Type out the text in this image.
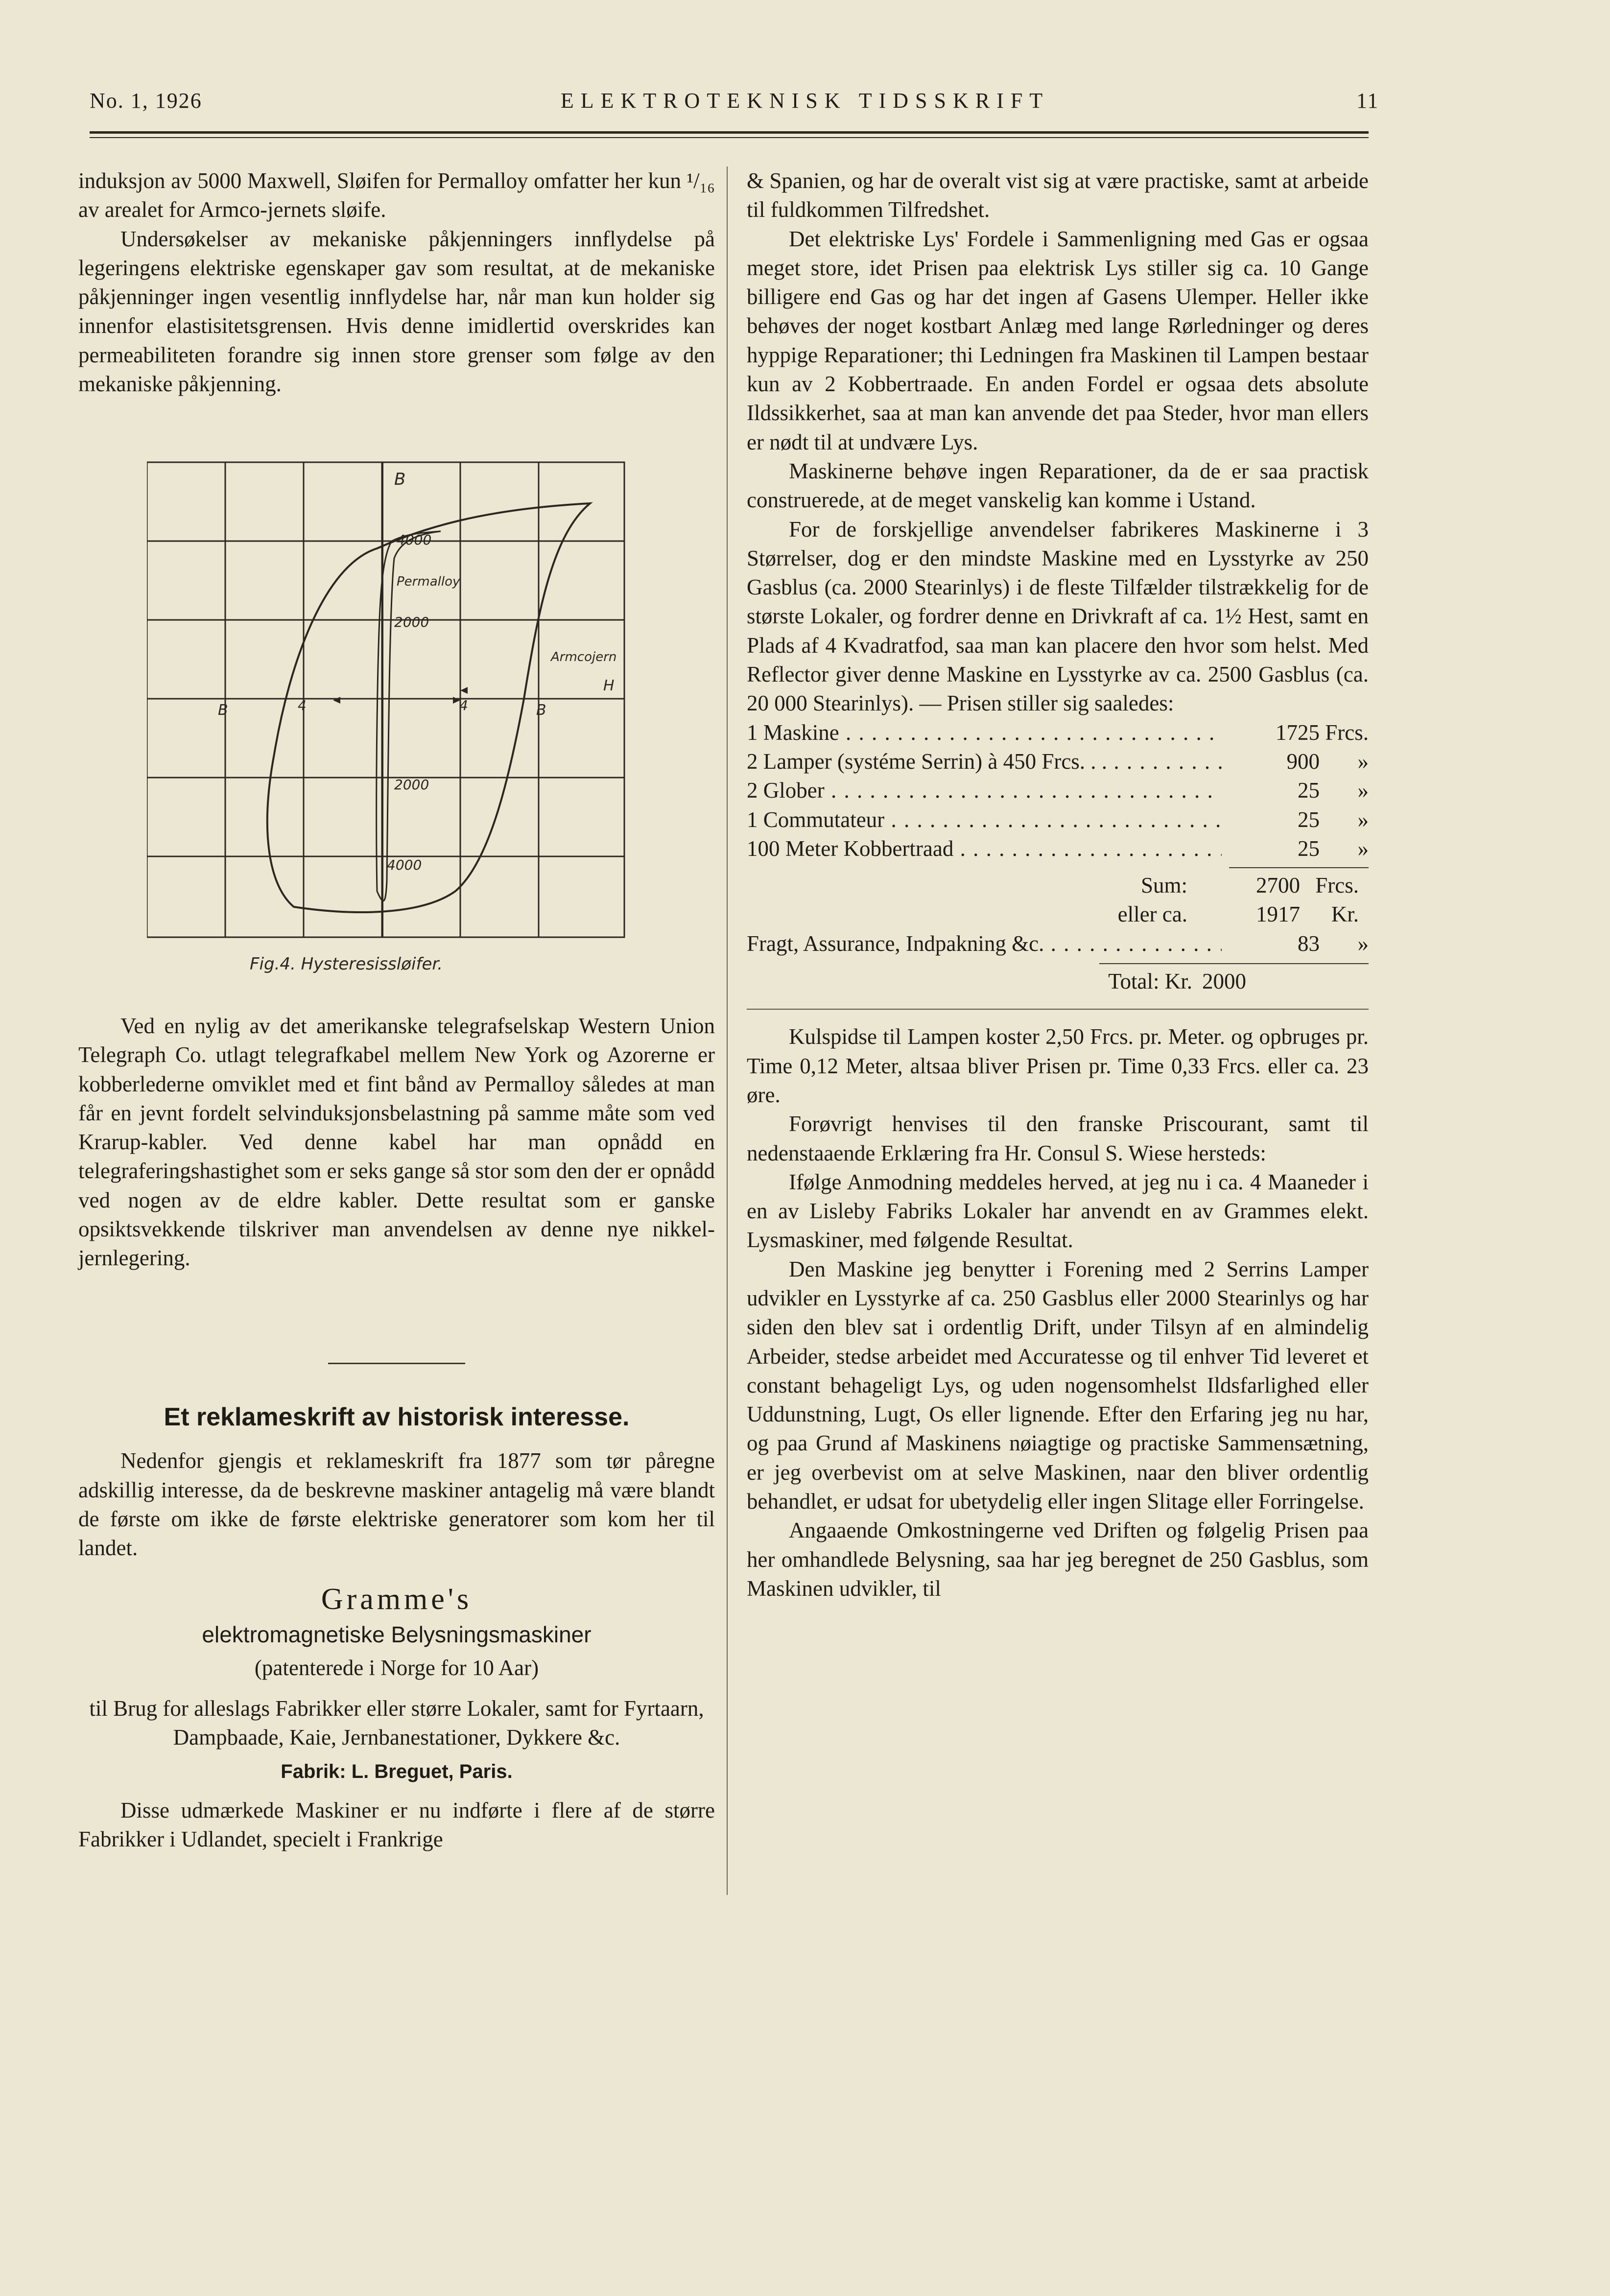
No. 1, 1926	ELEKTROTEKNISK TIDSSKRIFT	11

induksjon av 5000 Maxwell, Sløifen for Permalloy omfatter her kun ¹/₁₆ av arealet for Armco-jernets sløife.

Undersøkelser av mekaniske påkjenningers innflydelse på legeringens elektriske egenskaper gav som resultat, at de mekaniske påkjenninger ingen vesentlig innflydelse har, når man kun holder sig innenfor elastisitetsgrensen. Hvis denne imidlertid overskrides kan permeabiliteten forandre sig innen store grenser som følge av den mekaniske påkjenning.

B
4000
Permalloy
2000
Armcojern
H
B	4	4	B
2000
4000
Fig.4. Hysteresissløifer.

Ved en nylig av det amerikanske telegrafselskap Western Union Telegraph Co. utlagt telegrafkabel mellem New York og Azorerne er kobberlederne omviklet med et fint bånd av Permalloy således at man får en jevnt fordelt selvinduksjonsbelastning på samme måte som ved Krarup-kabler. Ved denne kabel har man opnådd en telegraferingshastighet som er seks gange så stor som den der er opnådd ved nogen av de eldre kabler. Dette resultat som er ganske opsiktsvekkende tilskriver man anvendelsen av denne nye nikkel-jernlegering.

Et reklameskrift av historisk interesse.

Nedenfor gjengis et reklameskrift fra 1877 som tør påregne adskillig interesse, da de beskrevne maskiner antagelig må være blandt de første om ikke de første elektriske generatorer som kom her til landet.

Gramme's

elektromagnetiske Belysningsmaskiner

(patenterede i Norge for 10 Aar)

til Brug for alleslags Fabrikker eller større Lokaler, samt for Fyrtaarn, Dampbaade, Kaie, Jernbanestationer, Dykkere &c.

Fabrik: L. Breguet, Paris.

Disse udmærkede Maskiner er nu indførte i flere af de større Fabrikker i Udlandet, specielt i Frankrige

& Spanien, og har de overalt vist sig at være practiske, samt at arbeide til fuldkommen Tilfredshet.

Det elektriske Lys' Fordele i Sammenligning med Gas er ogsaa meget store, idet Prisen paa elektrisk Lys stiller sig ca. 10 Gange billigere end Gas og har det ingen af Gasens Ulemper. Heller ikke behøves der noget kostbart Anlæg med lange Rørledninger og deres hyppige Reparationer; thi Ledningen fra Maskinen til Lampen bestaar kun av 2 Kobbertraade. En anden Fordel er ogsaa dets absolute Ildssikkerhet, saa at man kan anvende det paa Steder, hvor man ellers er nødt til at undvære Lys.

Maskinerne behøve ingen Reparationer, da de er saa practisk construerede, at de meget vanskelig kan komme i Ustand.

For de forskjellige anvendelser fabrikeres Maskinerne i 3 Størrelser, dog er den mindste Maskine med en Lysstyrke av 250 Gasblus (ca. 2000 Stearinlys) i de fleste Tilfælder tilstrækkelig for de største Lokaler, og fordrer denne en Drivkraft af ca. 1½ Hest, samt en Plads af 4 Kvadratfod, saa man kan placere den hvor som helst. Med Reflector giver denne Maskine en Lysstyrke av ca. 2500 Gasblus (ca. 20 000 Stearinlys). — Prisen stiller sig saaledes:

1 Maskine . . .	1725 Frcs.
2 Lamper (systéme Serrin) à 450 Frcs. . . . . .	900	»
2 Glober . . .	25	»
1 Commutateur . . .	25	»
100 Meter Kobbertraad . . .	25	»
Sum:	2700 Frcs.
eller ca.	1917	Kr.
Fragt, Assurance, Indpakning &c. . . .	83	»
Total: Kr. 2000

Kulspidse til Lampen koster 2,50 Frcs. pr. Meter. og opbruges pr. Time 0,12 Meter, altsaa bliver Prisen pr. Time 0,33 Frcs. eller ca. 23 øre.

Forøvrigt henvises til den franske Priscourant, samt til nedenstaaende Erklæring fra Hr. Consul S. Wiese hersteds:

Ifølge Anmodning meddeles herved, at jeg nu i ca. 4 Maaneder i en av Lisleby Fabriks Lokaler har anvendt en av Grammes elekt. Lysmaskiner, med følgende Resultat.

Den Maskine jeg benytter i Forening med 2 Serrins Lamper udvikler en Lysstyrke af ca. 250 Gasblus eller 2000 Stearinlys og har siden den blev sat i ordentlig Drift, under Tilsyn af en almindelig Arbeider, stedse arbeidet med Accuratesse og til enhver Tid leveret et constant behageligt Lys, og uden nogensomhelst Ildsfarlighed eller Uddunstning, Lugt, Os eller lignende. Efter den Erfaring jeg nu har, og paa Grund af Maskinens nøiagtige og practiske Sammensætning, er jeg overbevist om at selve Maskinen, naar den bliver ordentlig behandlet, er udsat for ubetydelig eller ingen Slitage eller Forringelse.

Angaaende Omkostningerne ved Driften og følgelig Prisen paa her omhandlede Belysning, saa har jeg beregnet de 250 Gasblus, som Maskinen udvikler, til
